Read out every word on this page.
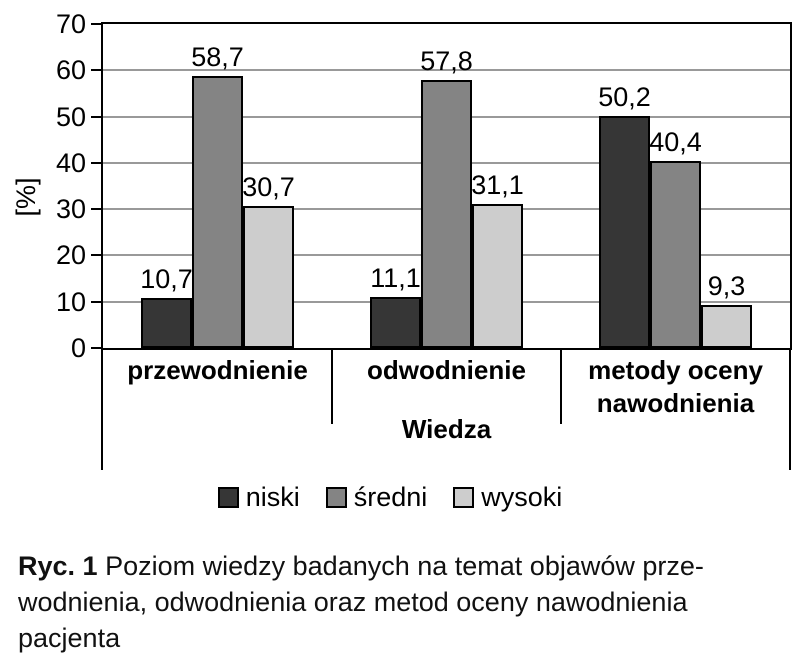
[%]
Wiedza
niski średni wysoki
0
10
20
30
40
50
60
70
10,7	11,1
50,2
58,7	57,8
40,4
30,7	31,1
9,3
przewodnienie	odwodnienie	metody oceny nawodnienia

Ryc. 1 Poziom wiedzy badanych na temat objawów prze-
wodnienia, odwodnienia oraz metod oceny nawodnienia
pacjenta
